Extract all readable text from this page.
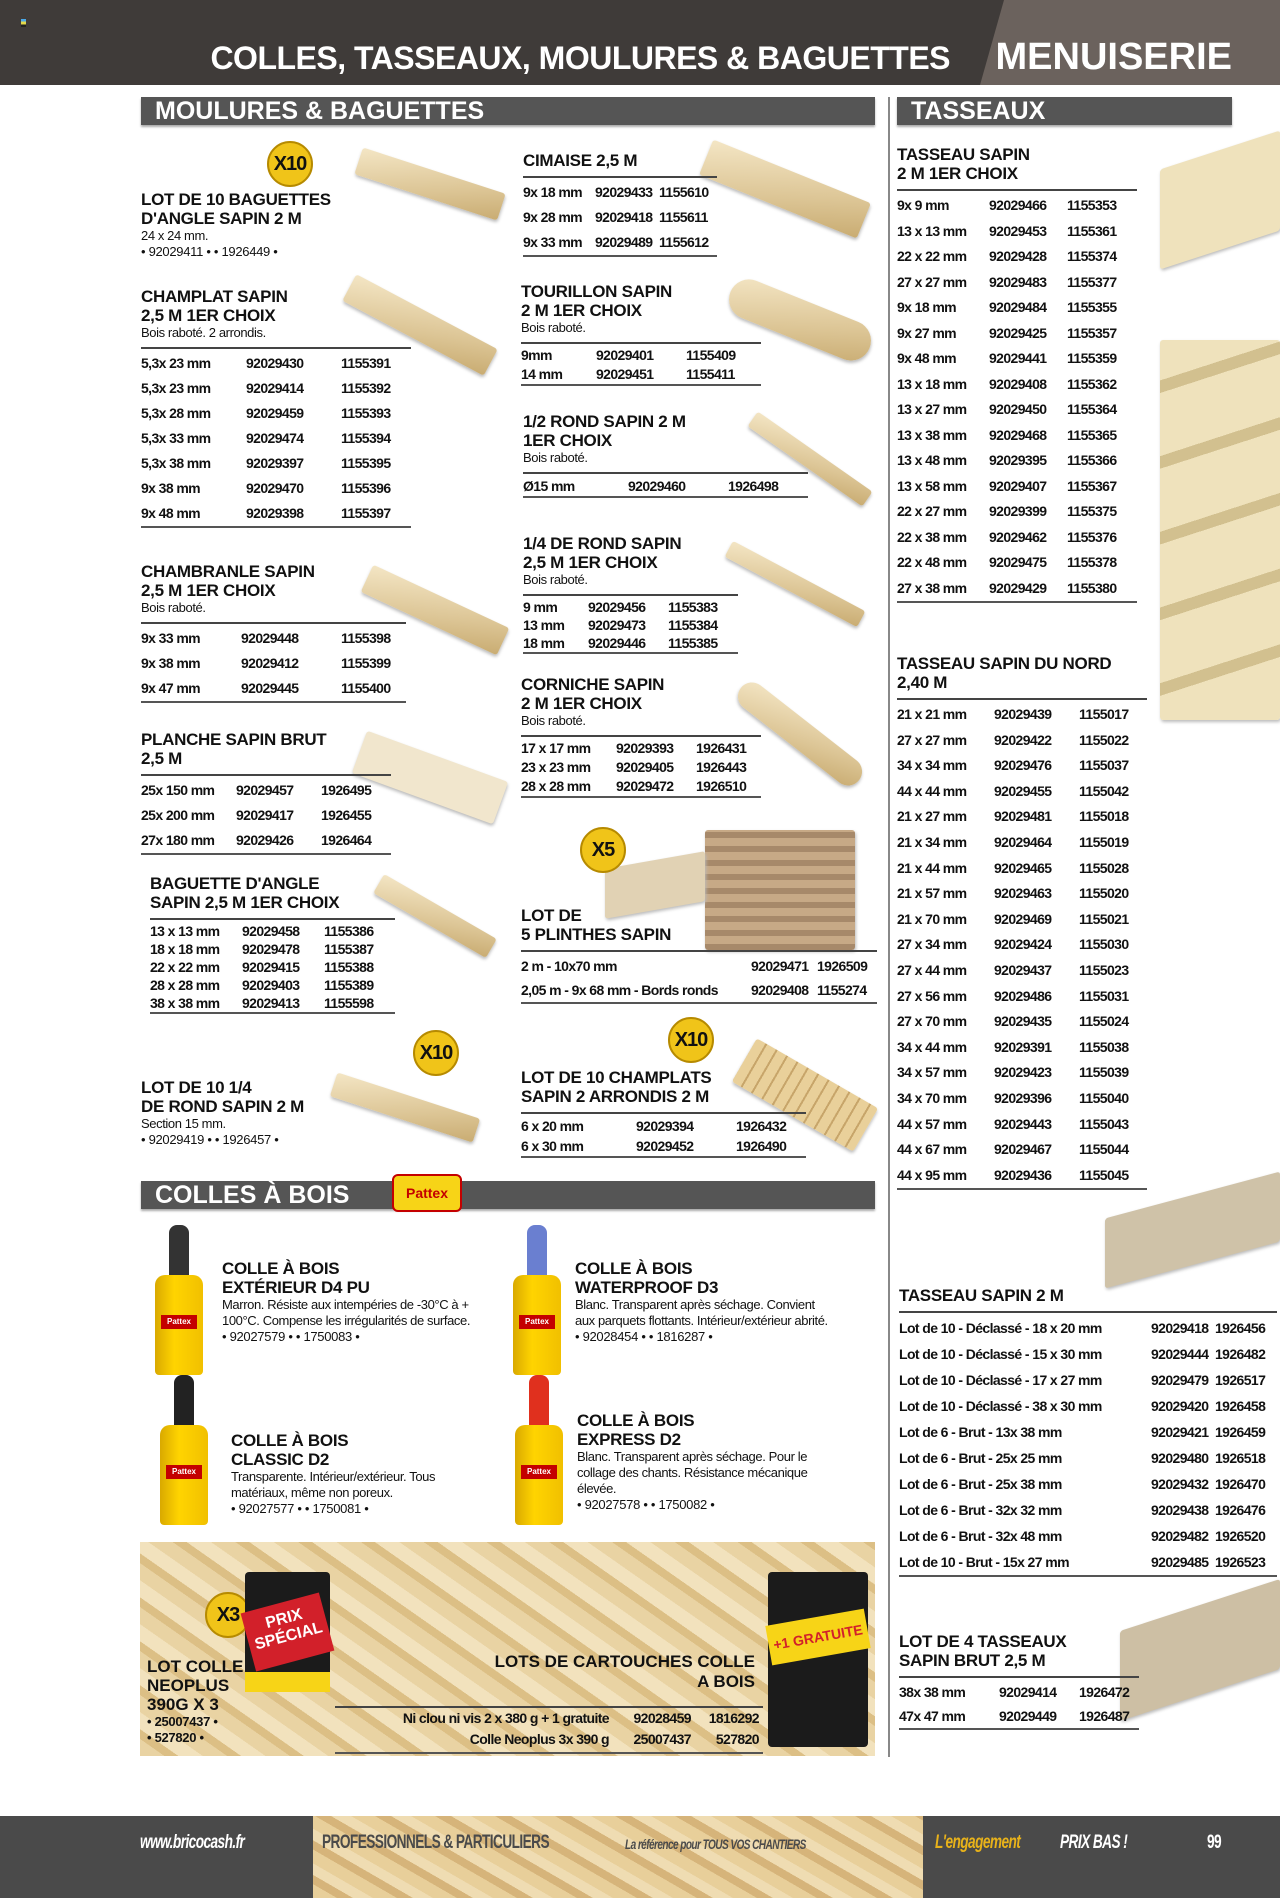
COLLES, TASSEAUX, MOULURES & BAGUETTES MENUISERIE
MOULURES & BAGUETTES	TASSEAUX
LOT DE 10 BAGUETTES
D'ANGLE SAPIN 2 M
24 x 24 mm.
• 92029411 • • 1926449 •
CHAMPLAT SAPIN
2,5 M 1ER CHOIX
Bois raboté. 2 arrondis.
5,3x 23 mm	92029430	1155391
5,3x 23 mm	92029414	1155392
5,3x 28 mm	92029459	1155393
5,3x 33 mm	92029474	1155394
5,3x 38 mm	92029397	1155395
9x 38 mm	92029470	1155396
9x 48 mm	92029398	1155397
CHAMBRANLE SAPIN
2,5 M 1ER CHOIX
Bois raboté.
9x 33 mm	92029448	1155398
9x 38 mm	92029412	1155399
9x 47 mm	92029445	1155400
PLANCHE SAPIN BRUT
2,5 M
25x 150 mm	92029457	1926495
25x 200 mm	92029417	1926455
27x 180 mm	92029426	1926464
BAGUETTE D'ANGLE
SAPIN 2,5 M 1ER CHOIX
13 x 13 mm	92029458	1155386
18 x 18 mm	92029478	1155387
22 x 22 mm	92029415	1155388
28 x 28 mm	92029403	1155389
38 x 38 mm	92029413	1155598
LOT DE 10 1/4
DE ROND SAPIN 2 M
Section 15 mm.
• 92029419 • • 1926457 •
CIMAISE 2,5 M
9x 18 mm 92029433 1155610
9x 28 mm 92029418 1155611
9x 33 mm 92029489 1155612
TOURILLON SAPIN
2 M 1ER CHOIX
Bois raboté.
9mm	92029401	1155409
14 mm	92029451	1155411
1/2 ROND SAPIN 2 M
1ER CHOIX
Bois raboté.
Ø15 mm	92029460	1926498
1/4 DE ROND SAPIN
2,5 M 1ER CHOIX
Bois raboté.
9 mm	92029456	1155383
13 mm	92029473	1155384
18 mm	92029446	1155385
CORNICHE SAPIN
2 M 1ER CHOIX
Bois raboté.
17 x 17 mm	92029393	1926431
23 x 23 mm	92029405	1926443
28 x 28 mm	92029472	1926510
LOT DE
5 PLINTHES SAPIN
2 m - 10x70 mm	92029471 1926509
2,05 m - 9x 68 mm - Bords ronds	92029408 1155274
LOT DE 10 CHAMPLATS
SAPIN 2 ARRONDIS 2 M
6 x 20 mm	92029394	1926432
6 x 30 mm	92029452	1926490
X10
X10
X5
X10
TASSEAU SAPIN
2 M 1ER CHOIX
9x 9 mm	92029466	1155353
13 x 13 mm	92029453	1155361
22 x 22 mm	92029428	1155374
27 x 27 mm	92029483	1155377
9x 18 mm	92029484	1155355
9x 27 mm	92029425	1155357
9x 48 mm	92029441	1155359
13 x 18 mm	92029408	1155362
13 x 27 mm	92029450	1155364
13 x 38 mm	92029468	1155365
13 x 48 mm	92029395	1155366
13 x 58 mm	92029407	1155367
22 x 27 mm	92029399	1155375
22 x 38 mm	92029462	1155376
22 x 48 mm	92029475	1155378
27 x 38 mm	92029429	1155380
TASSEAU SAPIN DU NORD
2,40 M
21 x 21 mm	92029439	1155017
27 x 27 mm	92029422	1155022
34 x 34 mm	92029476	1155037
44 x 44 mm	92029455	1155042
21 x 27 mm	92029481	1155018
21 x 34 mm	92029464	1155019
21 x 44 mm	92029465	1155028
21 x 57 mm	92029463	1155020
21 x 70 mm	92029469	1155021
27 x 34 mm	92029424	1155030
27 x 44 mm	92029437	1155023
27 x 56 mm	92029486	1155031
27 x 70 mm	92029435	1155024
34 x 44 mm	92029391	1155038
34 x 57 mm	92029423	1155039
34 x 70 mm	92029396	1155040
44 x 57 mm	92029443	1155043
44 x 67 mm	92029467	1155044
44 x 95 mm	92029436	1155045
TASSEAU SAPIN 2 M
Lot de 10 - Déclassé - 18 x 20 mm	92029418 1926456
Lot de 10 - Déclassé - 15 x 30 mm	92029444 1926482
Lot de 10 - Déclassé - 17 x 27 mm	92029479 1926517
Lot de 10 - Déclassé - 38 x 30 mm	92029420 1926458
Lot de 6 - Brut - 13x 38 mm	92029421 1926459
Lot de 6 - Brut - 25x 25 mm	92029480 1926518
Lot de 6 - Brut - 25x 38 mm	92029432 1926470
Lot de 6 - Brut - 32x 32 mm	92029438 1926476
Lot de 6 - Brut - 32x 48 mm	92029482 1926520
Lot de 10 - Brut - 15x 27 mm	92029485 1926523
LOT DE 4 TASSEAUX
SAPIN BRUT 2,5 M
38x 38 mm	92029414	1926472
47x 47 mm	92029449	1926487
COLLES À BOIS	Pattex
Pattex	Pattex
Pattex	Pattex
COLLE À BOIS
EXTÉRIEUR D4 PU
Marron. Résiste aux intempéries de -30°C à + 100°C. Compense les irrégularités de surface.
• 92027579 • • 1750083 •
COLLE À BOIS
WATERPROOF D3
Blanc. Transparent après séchage. Convient aux parquets flottants. Intérieur/extérieur abrité.
• 92028454 • • 1816287 •
COLLE À BOIS
CLASSIC D2
Transparente. Intérieur/extérieur. Tous matériaux, même non poreux.
• 92027577 • • 1750081 •
COLLE À BOIS
EXPRESS D2
Blanc. Transparent après séchage. Pour le collage des chants. Résistance mécanique élevée.
• 92027578 • • 1750082 •
X3
LOT COLLE
NEOPLUS
390G X 3
• 25007437 •
• 527820 •
PRIX SPÉCIAL
LOTS DE CARTOUCHES COLLE
A BOIS
Ni clou ni vis 2 x 380 g + 1 gratuite	92028459	1816292
Colle Neoplus 3x 390 g	25007437	527820
+1 GRATUITE
www.bricocash.fr	PROFESSIONNELS & PARTICULIERS	La référence pour TOUS VOS CHANTIERS	L'engagement PRIX BAS !	99
